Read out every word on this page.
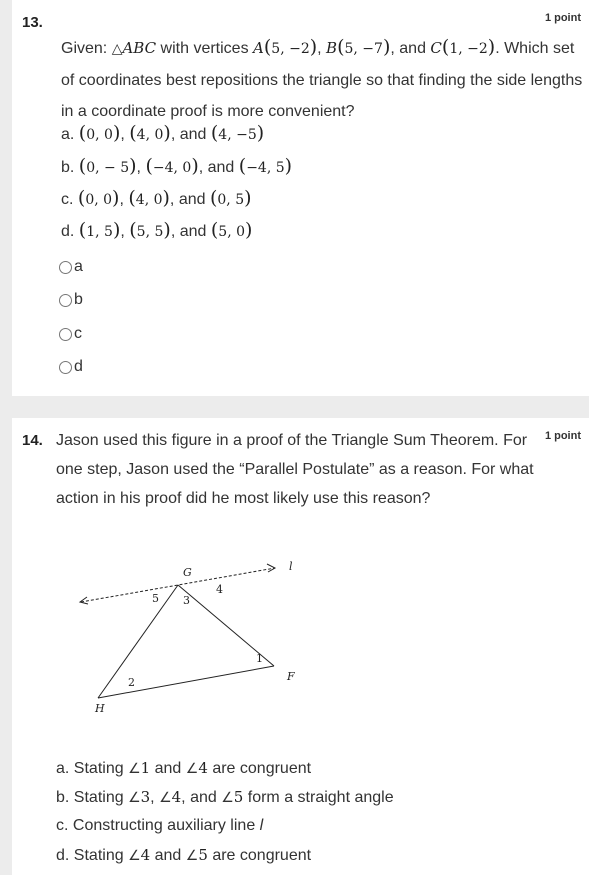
13.	1 point
Given: △ABC with vertices A(5, −2), B(5, −7), and C(1, −2). Which set of coordinates best repositions the triangle so that finding the side lengths in a coordinate proof is more convenient?
a. (0, 0), (4, 0), and (4, −5)
b. (0, − 5), (−4, 0), and (−4, 5)
c. (0, 0), (4, 0), and (0, 5)
d. (1, 5), (5, 5), and (5, 0)
a
b
c
d
14.	1 point
Jason used this figure in a proof of the Triangle Sum Theorem. For one step, Jason used the “Parallel Postulate” as a reason. For what action in his proof did he most likely use this reason?
G
H
F
l
1
2
3
4
5
a. Stating ∠1 and ∠4 are congruent
b. Stating ∠3, ∠4, and ∠5 form a straight angle
c. Constructing auxiliary line l
d. Stating ∠4 and ∠5 are congruent
